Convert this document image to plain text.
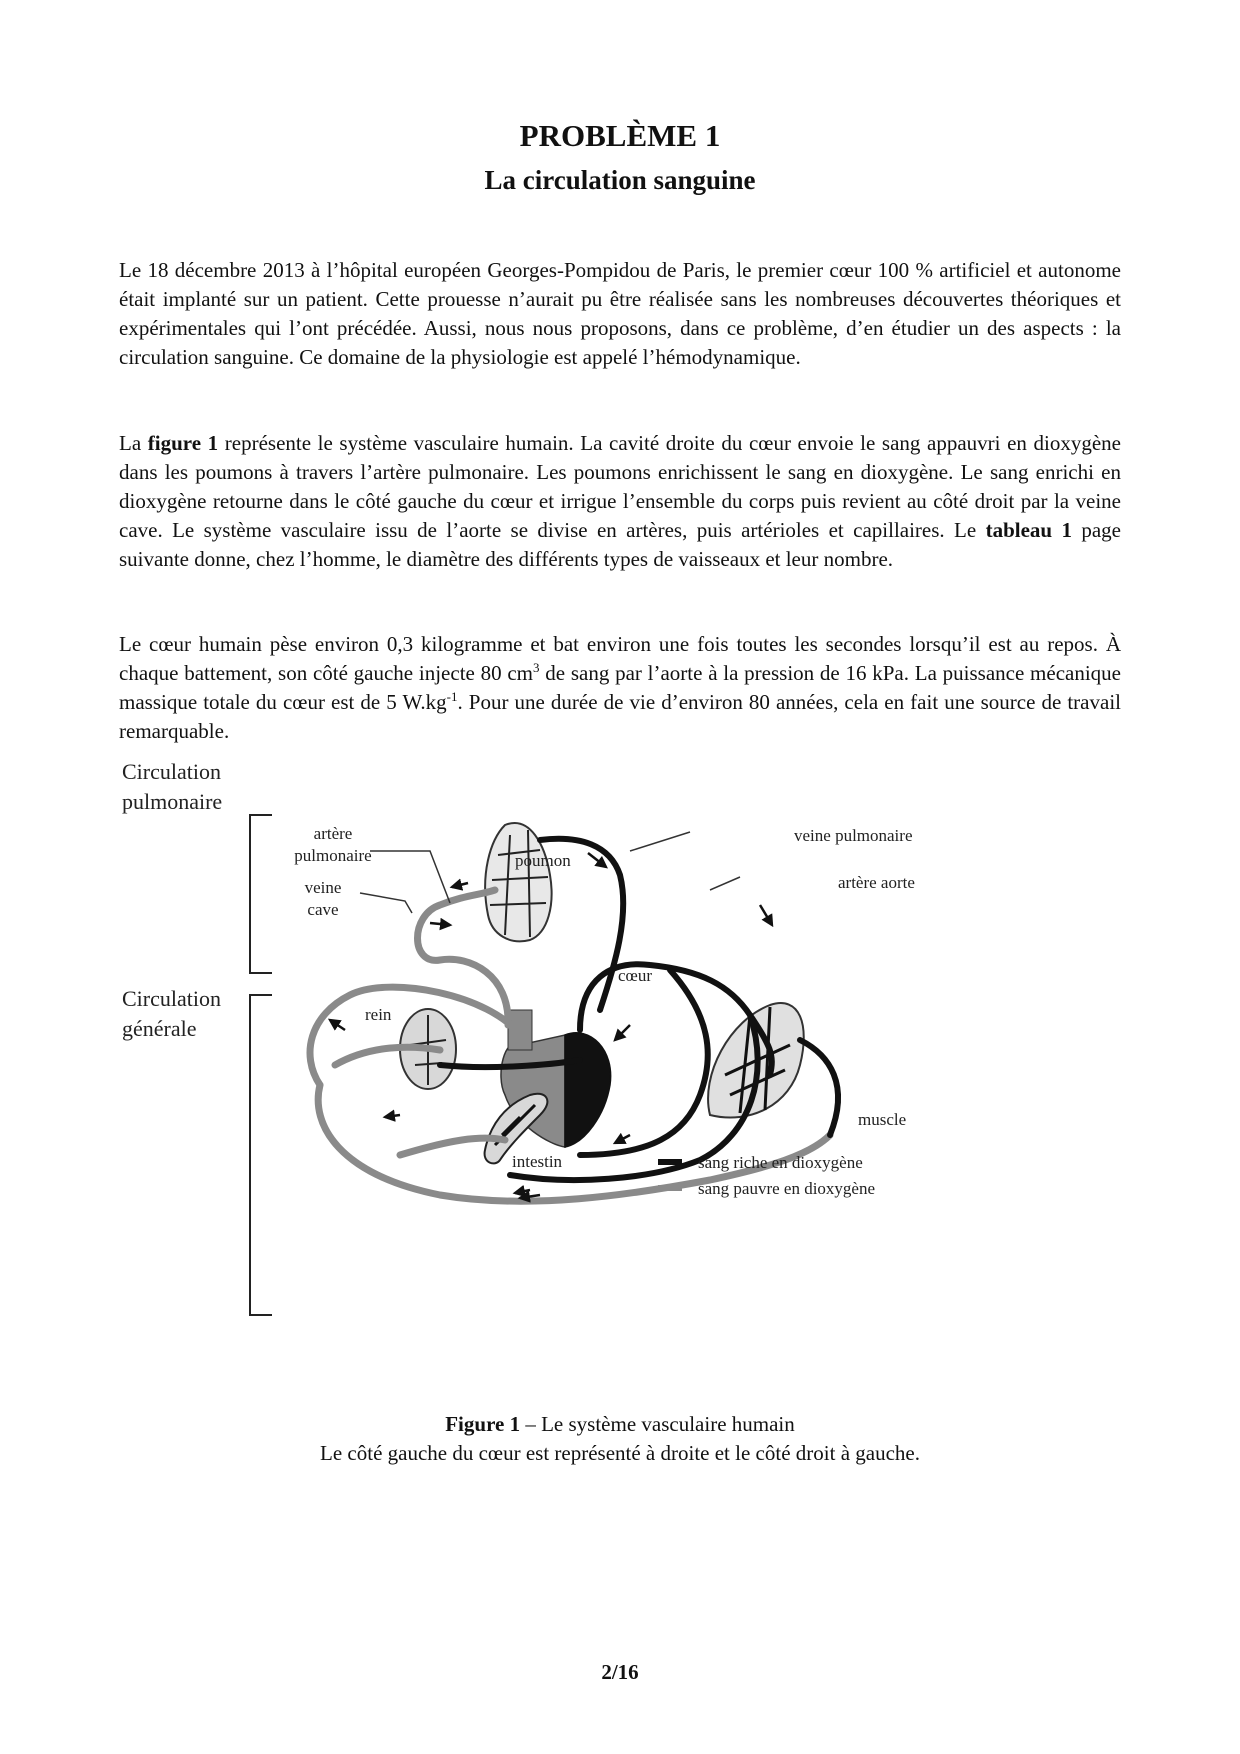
PROBLÈME 1
La circulation sanguine

Le 18 décembre 2013 à l’hôpital européen Georges-Pompidou de Paris, le premier cœur 100 % artificiel et autonome était implanté sur un patient. Cette prouesse n’aurait pu être réalisée sans les nombreuses découvertes théoriques et expérimentales qui l’ont précédée. Aussi, nous nous proposons, dans ce problème, d’en étudier un des aspects : la circulation sanguine. Ce domaine de la physiologie est appelé l’hémodynamique.

La figure 1 représente le système vasculaire humain. La cavité droite du cœur envoie le sang appauvri en dioxygène dans les poumons à travers l’artère pulmonaire. Les poumons enrichissent le sang en dioxygène. Le sang enrichi en dioxygène retourne dans le côté gauche du cœur et irrigue l’ensemble du corps puis revient au côté droit par la veine cave. Le système vasculaire issu de l’aorte se divise en artères, puis artérioles et capillaires. Le tableau 1 page suivante donne, chez l’homme, le diamètre des différents types de vaisseaux et leur nombre.

Le cœur humain pèse environ 0,3 kilogramme et bat environ une fois toutes les secondes lorsqu’il est au repos. À chaque battement, son côté gauche injecte 80 $cm^3$ de sang par l’aorte à la pression de 16 kPa. La puissance mécanique massique totale du cœur est de 5 $W.kg^{-1}$. Pour une durée de vie d’environ 80 années, cela en fait une source de travail remarquable.

Circulation
pulmonaire
Circulation
générale
artère
pulmonaire
veine
cave
poumon
veine pulmonaire
artère aorte
cœur
rein
intestin
muscle
sang riche en dioxygène
sang pauvre en dioxygène
Figure 1 – Le système vasculaire humain
Le côté gauche du cœur est représenté à droite et le côté droit à gauche.
2/16
